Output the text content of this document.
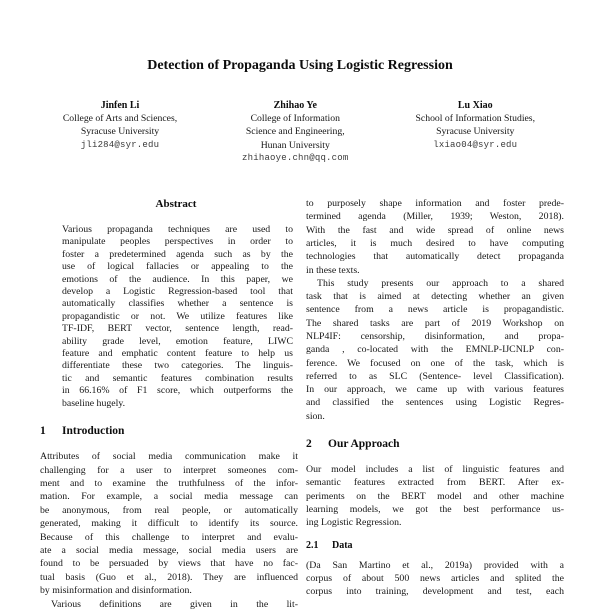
Detection of Propaganda Using Logistic Regression
Jinfen Li
College of Arts and Sciences,
Syracuse University
jli284@syr.edu
Zhihao Ye
College of Information
Science and Engineering,
Hunan University
zhihaoye.chn@qq.com
Lu Xiao
School of Information Studies,
Syracuse University
lxiao04@syr.edu
Abstract
Various propaganda techniques are used to
manipulate peoples perspectives in order to
foster a predetermined agenda such as by the
use of logical fallacies or appealing to the
emotions of the audience. In this paper, we
develop a Logistic Regression-based tool that
automatically classifies whether a sentence is
propagandistic or not. We utilize features like
TF-IDF, BERT vector, sentence length, read-
ability grade level, emotion feature, LIWC
feature and emphatic content feature to help us
differentiate these two categories. The linguis-
tic and semantic features combination results
in 66.16% of F1 score, which outperforms the
baseline hugely.
1 Introduction
Attributes of social media communication make it
challenging for a user to interpret someones com-
ment and to examine the truthfulness of the infor-
mation. For example, a social media message can
be anonymous, from real people, or automatically
generated, making it difficult to identify its source.
Because of this challenge to interpret and evalu-
ate a social media message, social media users are
found to be persuaded by views that have no fac-
tual basis (Guo et al., 2018). They are influenced
by misinformation and disinformation.
Various definitions are given in the lit-
to purposely shape information and foster prede-
termined agenda (Miller, 1939; Weston, 2018).
With the fast and wide spread of online news
articles, it is much desired to have computing
technologies that automatically detect propaganda
in these texts.
This study presents our approach to a shared
task that is aimed at detecting whether an given
sentence from a news article is propagandistic.
The shared tasks are part of 2019 Workshop on
NLP4IF: censorship, disinformation, and propa-
ganda , co-located with the EMNLP-IJCNLP con-
ference. We focused on one of the task, which is
referred to as SLC (Sentence- level Classification).
In our approach, we came up with various features
and classified the sentences using Logistic Regres-
sion.
2 Our Approach
Our model includes a list of linguistic features and
semantic features extracted from BERT. After ex-
periments on the BERT model and other machine
learning models, we got the best performance us-
ing Logistic Regression.
2.1 Data
(Da San Martino et al., 2019a) provided with a
corpus of about 500 news articles and splited the
corpus into training, development and test, each
